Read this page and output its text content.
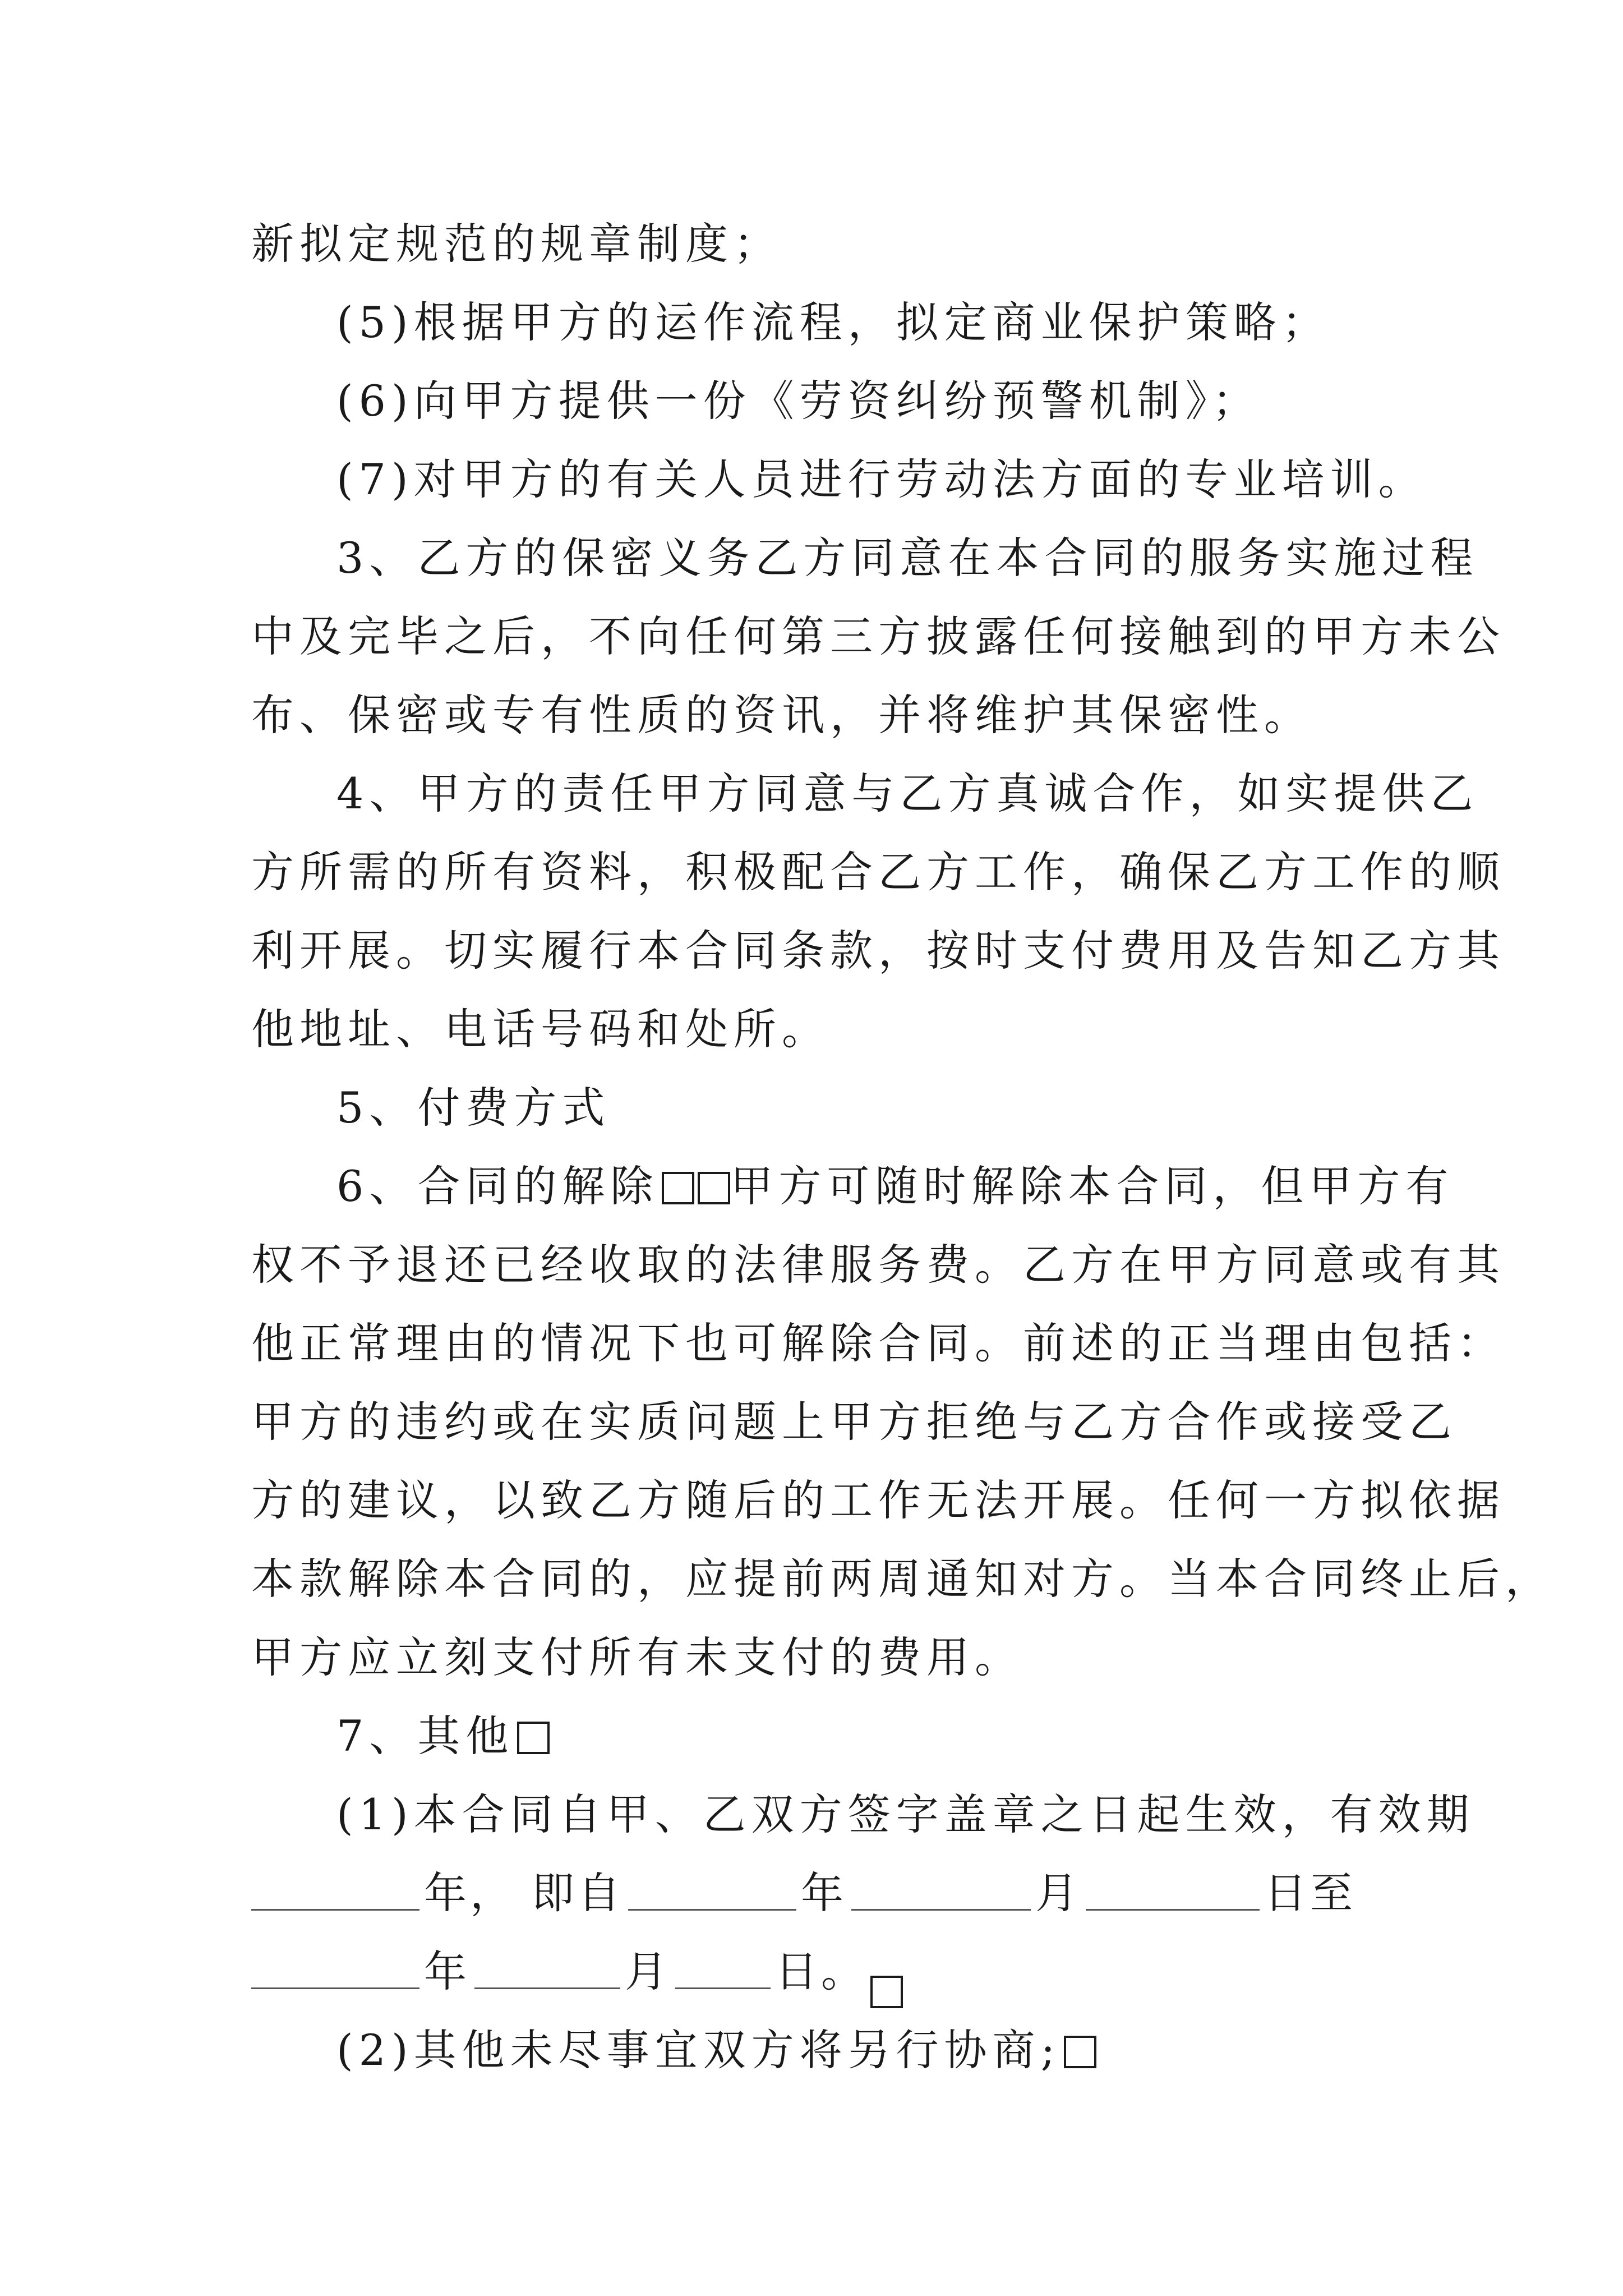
新拟定规范的规章制度；
(5)根据甲方的运作流程，拟定商业保护策略；
(6)向甲方提供一份《劳资纠纷预警机制》；
(7)对甲方的有关人员进行劳动法方面的专业培训。
3、乙方的保密义务乙方同意在本合同的服务实施过程
中及完毕之后，不向任何第三方披露任何接触到的甲方未公
布、保密或专有性质的资讯，并将维护其保密性。
4、甲方的责任甲方同意与乙方真诚合作，如实提供乙
方所需的所有资料，积极配合乙方工作，确保乙方工作的顺
利开展。切实履行本合同条款，按时支付费用及告知乙方其
他地址、电话号码和处所。
5、付费方式
6、合同的解除 甲方可随时解除本合同，但甲方有
权不予退还已经收取的法律服务费。乙方在甲方同意或有其
他正常理由的情况下也可解除合同。前述的正当理由包括：
甲方的违约或在实质问题上甲方拒绝与乙方合作或接受乙
方的建议，以致乙方随后的工作无法开展。任何一方拟依据
本款解除本合同的，应提前两周通知对方。当本合同终止后，
甲方应立刻支付所有未支付的费用。
7、其他
(1)本合同自甲、乙双方签字盖章之日起生效，有效期
年， 即自	年	月	日至
年	月 日。
(2)其他未尽事宜双方将另行协商;
